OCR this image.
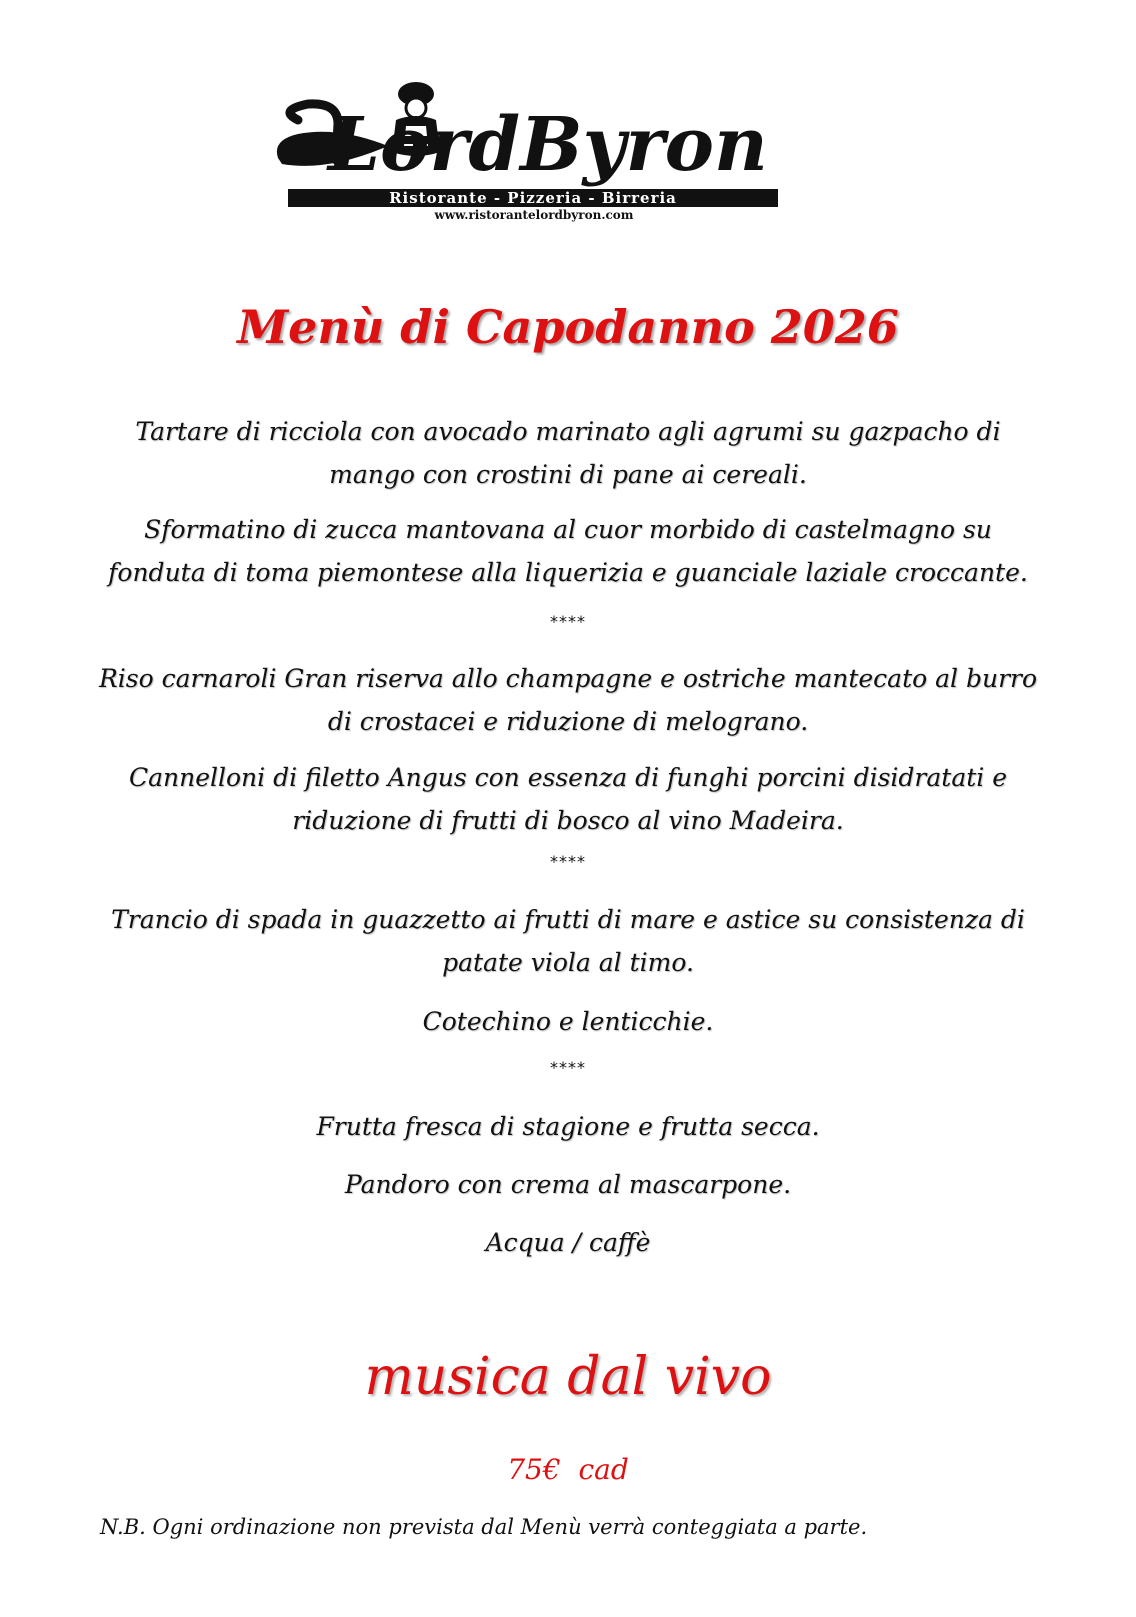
LordByron
Ristorante - Pizzeria - Birreria
www.ristorantelordbyron.com
Menù di Capodanno 2026

Tartare di ricciola con avocado marinato agli agrumi su gazpacho di mango con crostini di pane ai cereali.

Sformatino di zucca mantovana al cuor morbido di castelmagno su fonduta di toma piemontese alla liquerizia e guanciale laziale croccante.

****

Riso carnaroli Gran riserva allo champagne e ostriche mantecato al burro di crostacei e riduzione di melograno.

Cannelloni di filetto Angus con essenza di funghi porcini disidratati e riduzione di frutti di bosco al vino Madeira.

****

Trancio di spada in guazzetto ai frutti di mare e astice su consistenza di patate viola al timo.

Cotechino e lenticchie.

****

Frutta fresca di stagione e frutta secca.

Pandoro con crema al mascarpone.

Acqua / caffè

musica dal vivo

75€  cad
N.B. Ogni ordinazione non prevista dal Menù verrà conteggiata a parte.
